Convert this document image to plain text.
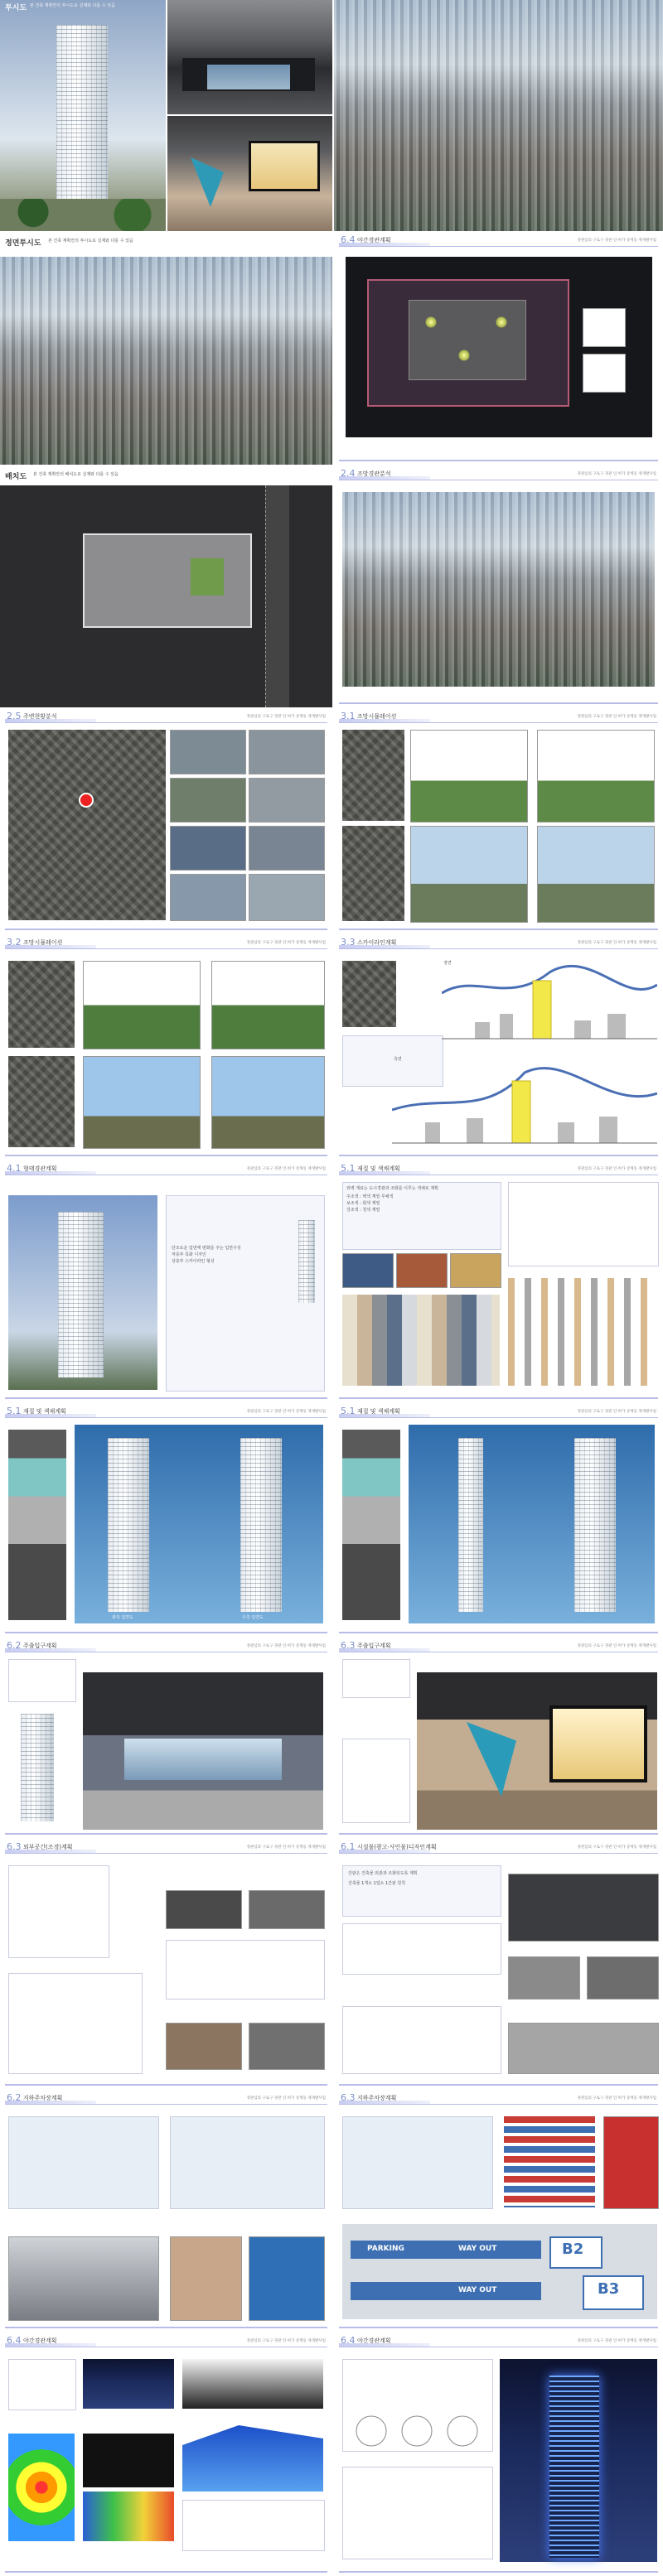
투시도 본 건축 계획안의 투시도로 실제와 다를 수 있음
정면투시도 본 건축 계획안의 투시도로 실제와 다를 수 있음	6.4 야간경관계획	경관심의 구로구 경관 인·허가 상계동 재개발사업
배치도 본 건축 계획안의 배치도로 실제와 다를 수 있음	2.4 조망경관분석	경관심의 구로구 경관 인·허가 상계동 재개발사업
2.5 주변현황분석	경관심의 구로구 경관 인·허가 상계동 재개발사업 3.1 조망시뮬레이션	경관심의 구로구 경관 인·허가 상계동 재개발사업
3.2 조망시뮬레이션	경관심의 구로구 경관 인·허가 상계동 재개발사업 3.3 스카이라인계획	경관심의 구로구 경관 인·허가 상계동 재개발사업
정면
측면
4.1 형태경관계획	경관심의 구로구 경관 인·허가 상계동 재개발사업
단조로운 입면에 변화를 주는 입면구성
저층부 특화 디자인
상층부 스카이라인 형성
5.1 재질 및 색채계획	경관심의 구로구 경관 인·허가 상계동 재개발사업
외벽 재료는 도시경관과 조화를 이루는 색채로 계획
주조색 : 백색 계열 무채색
보조색 : 회색 계열
강조색 : 청색 계열
5.1 재질 및 색채계획	경관심의 구로구 경관 인·허가 상계동 재개발사업
좌측 입면도	우측 입면도
5.1 재질 및 색채계획	경관심의 구로구 경관 인·허가 상계동 재개발사업
6.2 주출입구계획	경관심의 구로구 경관 인·허가 상계동 재개발사업 6.3 주출입구계획	경관심의 구로구 경관 인·허가 상계동 재개발사업
6.3 외부공간(조경)계획	경관심의 구로구 경관 인·허가 상계동 재개발사업 6.1 시설물(광고·사인물)디자인계획	경관심의 구로구 경관 인·허가 상계동 재개발사업
간판은 건축물 외관과 조화되도록 계획
건축물 1개소 1업소 1간판 원칙
6.2 지하주차장계획	경관심의 구로구 경관 인·허가 상계동 재개발사업 6.3 지하주차장계획	경관심의 구로구 경관 인·허가 상계동 재개발사업
WAY OUT
PARKING	B2
WAY OUT	B3
6.4 야간경관계획	경관심의 구로구 경관 인·허가 상계동 재개발사업 6.4 야간경관계획	경관심의 구로구 경관 인·허가 상계동 재개발사업
